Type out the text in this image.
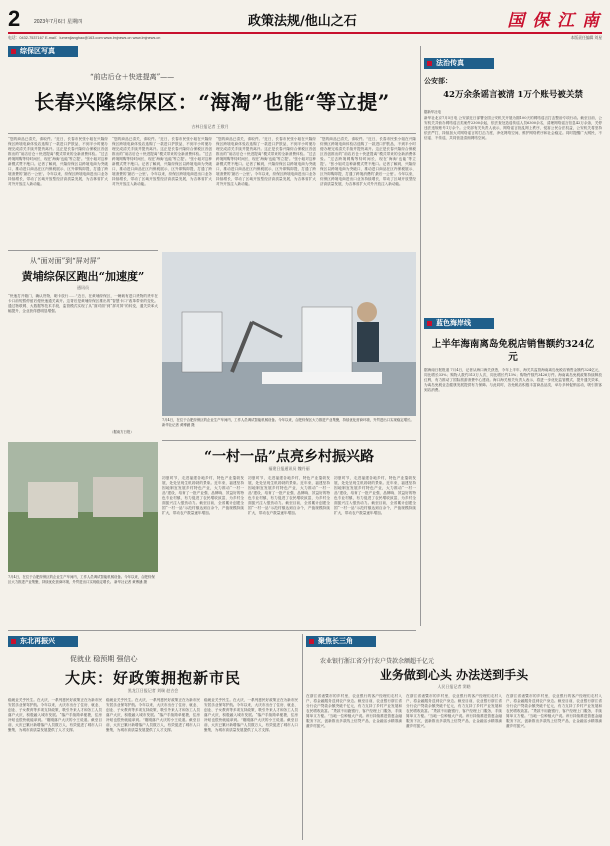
2	2023年7月6日 星期四	政策法规/他山之石	国 保 江 南
电话：0432-7537167 E-mail：lumenjianghao@163.com www.lmjnews.cn www.lmjnews.cn	本版责任编辑 刘星
综保区写真
“前店后仓＋快进提离”——
长春兴隆综保区：“海淘”也能“等立提”
吉林日报记者 王敬月
“您的商品已清关，请取件。”近日，长春市民张小姐在兴隆综保区跨境电商体验店选购了一款进口护肤品，不到半小时便办理完成清关手续并提货离开。这正是长春兴隆综合保税区首创推出的“前店后仓＋快进提离”模式带来的全新消费体验。“过去跨境网购等待时间长，现在‘海淘’也能‘等立提’。”张小姐对这种新模式赞不绝口。记者了解到，兴隆综保区以跨境电商为突破口，推动进口商品在区内保税展示、区外即购即提，打通了跨境消费的‘最后一公里’。今年以来，综保区跨境电商进出口业务持续增长，带动了区域开放型经济高质量发展，为吉林省扩大对外开放注入新动能。
“您的商品已清关，请取件。”近日，长春市民张小姐在兴隆综保区跨境电商体验店选购了一款进口护肤品，不到半小时便办理完成清关手续并提货离开。这正是长春兴隆综合保税区首创推出的“前店后仓＋快进提离”模式带来的全新消费体验。“过去跨境网购等待时间长，现在‘海淘’也能‘等立提’。”张小姐对这种新模式赞不绝口。记者了解到，兴隆综保区以跨境电商为突破口，推动进口商品在区内保税展示、区外即购即提，打通了跨境消费的‘最后一公里’。今年以来，综保区跨境电商进出口业务持续增长，带动了区域开放型经济高质量发展，为吉林省扩大对外开放注入新动能。
“您的商品已清关，请取件。”近日，长春市民张小姐在兴隆综保区跨境电商体验店选购了一款进口护肤品，不到半小时便办理完成清关手续并提货离开。这正是长春兴隆综合保税区首创推出的“前店后仓＋快进提离”模式带来的全新消费体验。“过去跨境网购等待时间长，现在‘海淘’也能‘等立提’。”张小姐对这种新模式赞不绝口。记者了解到，兴隆综保区以跨境电商为突破口，推动进口商品在区内保税展示、区外即购即提，打通了跨境消费的‘最后一公里’。今年以来，综保区跨境电商进出口业务持续增长，带动了区域开放型经济高质量发展，为吉林省扩大对外开放注入新动能。
“您的商品已清关，请取件。”近日，长春市民张小姐在兴隆综保区跨境电商体验店选购了一款进口护肤品，不到半小时便办理完成清关手续并提货离开。这正是长春兴隆综合保税区首创推出的“前店后仓＋快进提离”模式带来的全新消费体验。“过去跨境网购等待时间长，现在‘海淘’也能‘等立提’。”张小姐对这种新模式赞不绝口。记者了解到，兴隆综保区以跨境电商为突破口，推动进口商品在区内保税展示、区外即购即提，打通了跨境消费的‘最后一公里’。今年以来，综保区跨境电商进出口业务持续增长，带动了区域开放型经济高质量发展，为吉林省扩大对外开放注入新动能。
法治传真
公安部：
42万余条谣言被清 1万个账号被关禁
据新华社电
新华社北京7月5日电 公安部近日部署全国公安机关开展为期100天的网络谣言打击整治专项行动。截至目前，公安机关共侦办网络谣言类案件2300余起，依法查处造谣传谣人员6300余名，清理网络谣言信息42万余条，关停违法违规账号1万余个。公安部有关负责人表示，网络谣言扰乱网上秩序，侵害公民合法权益，公安机关将坚持依法严打，持续加大对网络谣言的打击力度，净化网络空间，维护网络秩序和社会稳定。同时提醒广大网民，不信谣、不传谣，共同营造清朗网络空间。
从“面对面”到“屏对屏”
黄埔综保区跑出“加速度”
通讯员
“快速打开箱门，确认货物，刷卡放行……”近日，在黄埔综保区，一辆载有进口货物的货车在卡口前短暂停留后便快速通关离开。这背后是黄埔综保区推出的“智慧卡口”改革带来的变化。通过物联网、大数据等技术手段，监管模式实现了从“面对面”到“屏对屏”的转变，通关效率大幅提升，企业获得感明显增强。
（据南方日报）
7月4日，在位于合肥综保区的企业生产车间内，工作人员调试智能机械设备。今年以来，合肥综保区大力推进产业集聚，持续优化营商环境，外贸进出口实现稳定增长。 新华社记者 黄博涵 摄
蓝色海岸线
上半年海南离岛免税店销售额约324亿元
据海南日报报道 7月4日，记者从海口海关获悉，今年上半年，海关共监管海南离岛免税店销售金额约324亿元，同比增长33%；购物人数约313万人次，同比增长约13%；购物件数约3426万件。海南离岛免税政策持续释放红利，有力推动了国际旅游消费中心建设。海口海关相关负责人表示，将进一步优化监管模式，提升通关效率，为离岛免税业态健康发展提供有力保障。与此同时，各免税店积极丰富商品品类，举办多种促销活动，吸引旅客到店消费。
“一村一品”点亮乡村振兴路
福建日报通讯员 魏丹丽
初夏时节，走进福建各地乡村，特色产业蓬勃发展，处处呈现生机勃勃的景象。近年来，福建坚持因地制宜发展乡村特色产业，大力推动“一村一品”建设，培育了一批产业强、品牌响、效益好的特色专业村镇，有力促进了农民增收致富，为乡村全面振兴注入强劲动力。截至目前，全省累计创建全国“一村一品”示范村镇达到百余个，产值规模持续扩大，带动农户数量逐年增加。
初夏时节，走进福建各地乡村，特色产业蓬勃发展，处处呈现生机勃勃的景象。近年来，福建坚持因地制宜发展乡村特色产业，大力推动“一村一品”建设，培育了一批产业强、品牌响、效益好的特色专业村镇，有力促进了农民增收致富，为乡村全面振兴注入强劲动力。截至目前，全省累计创建全国“一村一品”示范村镇达到百余个，产值规模持续扩大，带动农户数量逐年增加。
初夏时节，走进福建各地乡村，特色产业蓬勃发展，处处呈现生机勃勃的景象。近年来，福建坚持因地制宜发展乡村特色产业，大力推动“一村一品”建设，培育了一批产业强、品牌响、效益好的特色专业村镇，有力促进了农民增收致富，为乡村全面振兴注入强劲动力。截至目前，全省累计创建全国“一村一品”示范村镇达到百余个，产值规模持续扩大，带动农户数量逐年增加。
7月4日，在位于合肥综保区的企业生产车间内，工作人员调试智能机械设备。今年以来，合肥综保区大力推进产业集聚，持续优化营商环境，外贸进出口实现稳定增长。 新华社记者 黄博涵 摄
东北再振兴
促就业 稳预期 强信心
大庆：好政策拥抱新市民
黑龙江日报记者 刘瑞 赵吉会
稳就业关乎民生。在大庆，一系列惠民好政策正在为新市民安居乐业保驾护航。今年以来，大庆市出台了住房、就业、创业、子女教育等多项支持政策，吸引外来人才和务工人员落户大庆，积极融入城市发展。“落户手续简单便捷，住房补贴也很快就能拿到。”刚刚落户大庆的小王说道。截至目前，大庆已累计新增落户人员数万人，有效促进了城市人口聚集，为城市高质量发展提供了人才支撑。
稳就业关乎民生。在大庆，一系列惠民好政策正在为新市民安居乐业保驾护航。今年以来，大庆市出台了住房、就业、创业、子女教育等多项支持政策，吸引外来人才和务工人员落户大庆，积极融入城市发展。“落户手续简单便捷，住房补贴也很快就能拿到。”刚刚落户大庆的小王说道。截至目前，大庆已累计新增落户人员数万人，有效促进了城市人口聚集，为城市高质量发展提供了人才支撑。
稳就业关乎民生。在大庆，一系列惠民好政策正在为新市民安居乐业保驾护航。今年以来，大庆市出台了住房、就业、创业、子女教育等多项支持政策，吸引外来人才和务工人员落户大庆，积极融入城市发展。“落户手续简单便捷，住房补贴也很快就能拿到。”刚刚落户大庆的小王说道。截至目前，大庆已累计新增落户人员数万人，有效促进了城市人口聚集，为城市高质量发展提供了人才支撑。
聚焦长三角
农业银行浙江省分行农户贷款余额超千亿元
业务做到心头 办法送到手头
人民日报记者 窦皓
在浙江省诸暨市的乡村里，农业银行的客户经理们走村入户，将金融服务送到农户身边。截至目前，农业银行浙江省分行农户贷款余额突破千亿元，有力支持了乡村产业发展和农民增收致富。“贷款不用跑银行，客户经理上门服务，手续简单又方便。”当地一位种植大户说。该行持续推进普惠金融服务下沉，创新推出多款线上信贷产品，让金融活水精准滴灌乡村振兴。
在浙江省诸暨市的乡村里，农业银行的客户经理们走村入户，将金融服务送到农户身边。截至目前，农业银行浙江省分行农户贷款余额突破千亿元，有力支持了乡村产业发展和农民增收致富。“贷款不用跑银行，客户经理上门服务，手续简单又方便。”当地一位种植大户说。该行持续推进普惠金融服务下沉，创新推出多款线上信贷产品，让金融活水精准滴灌乡村振兴。
在浙江省诸暨市的乡村里，农业银行的客户经理们走村入户，将金融服务送到农户身边。截至目前，农业银行浙江省分行农户贷款余额突破千亿元，有力支持了乡村产业发展和农民增收致富。“贷款不用跑银行，客户经理上门服务，手续简单又方便。”当地一位种植大户说。该行持续推进普惠金融服务下沉，创新推出多款线上信贷产品，让金融活水精准滴灌乡村振兴。
